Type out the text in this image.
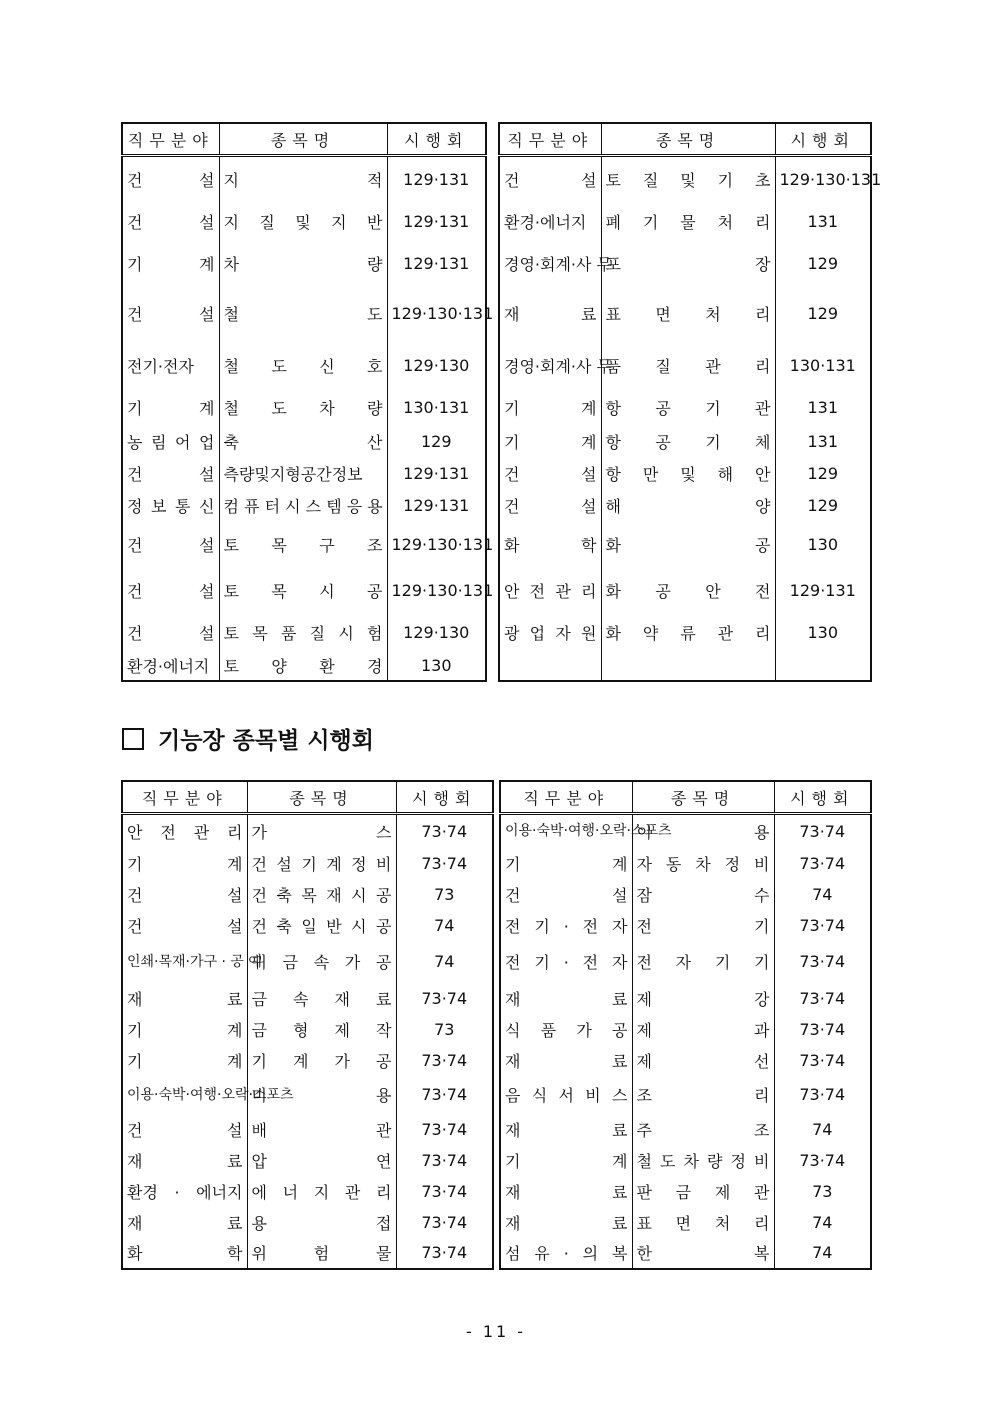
직무분야	종목명	시행회
건 설	지 적	129·131
건 설	지 질 및 지 반	129·131
기 계	차 량	129·131
건 설	철 도	129·130·131
전기·전자	철 도 신 호	129·130
기 계	철 도 차 량	130·131
농 림 어 업	축 산	129
건 설	측량및지형공간정보	129·131
정 보 통 신	컴 퓨 터 시 스 템 응 용	129·131
건 설	토 목 구 조	129·130·131
건 설	토 목 시 공	129·130·131
건 설	토 목 품 질 시 험	129·130
환경·에너지	토 양 환 경	130
직무분야	종목명	시행회
건 설	토 질 및 기 초	129·130·131
환경·에너지	폐 기 물 처 리	131
경영·회계·사 무	포 장	129
재 료	표 면 처 리	129
경영·회계·사 무	품 질 관 리	130·131
기 계	항 공 기 관	131
기 계	항 공 기 체	131
건 설	항 만 및 해 안	129
건 설	해 양	129
화 학	화 공	130
안 전 관 리	화 공 안 전	129·131
광 업 자 원	화 약 류 관 리	130

기능장 종목별 시행회
직무분야	종목명	시행회
안 전 관 리	가 스	73·74
기 계	건 설 기 계 정 비	73·74
건 설	건 축 목 재 시 공	73
건 설	건 축 일 반 시 공	74
인쇄·목재·가구 · 공 예	귀 금 속 가 공	74
재 료	금 속 재 료	73·74
기 계	금 형 제 작	73
기 계	기 계 가 공	73·74
이용·숙박·여행·오락·스포츠	미 용	73·74
건 설	배 관	73·74
재 료	압 연	73·74
환경 · 에너지	에 너 지 관 리	73·74
재 료	용 접	73·74
화 학	위 험 물	73·74
직무분야	종목명	시행회
이용·숙박·여행·오락·스포츠	이 용	73·74
기 계	자 동 차 정 비	73·74
건 설	잠 수	74
전 기 · 전 자	전 기	73·74
전 기 · 전 자	전 자 기 기	73·74
재 료	제 강	73·74
식 품 가 공	제 과	73·74
재 료	제 선	73·74
음 식 서 비 스	조 리	73·74
재 료	주 조	74
기 계	철 도 차 량 정 비	73·74
재 료	판 금 제 관	73
재 료	표 면 처 리	74
섬 유 · 의 복	한 복	74
- 11 -
